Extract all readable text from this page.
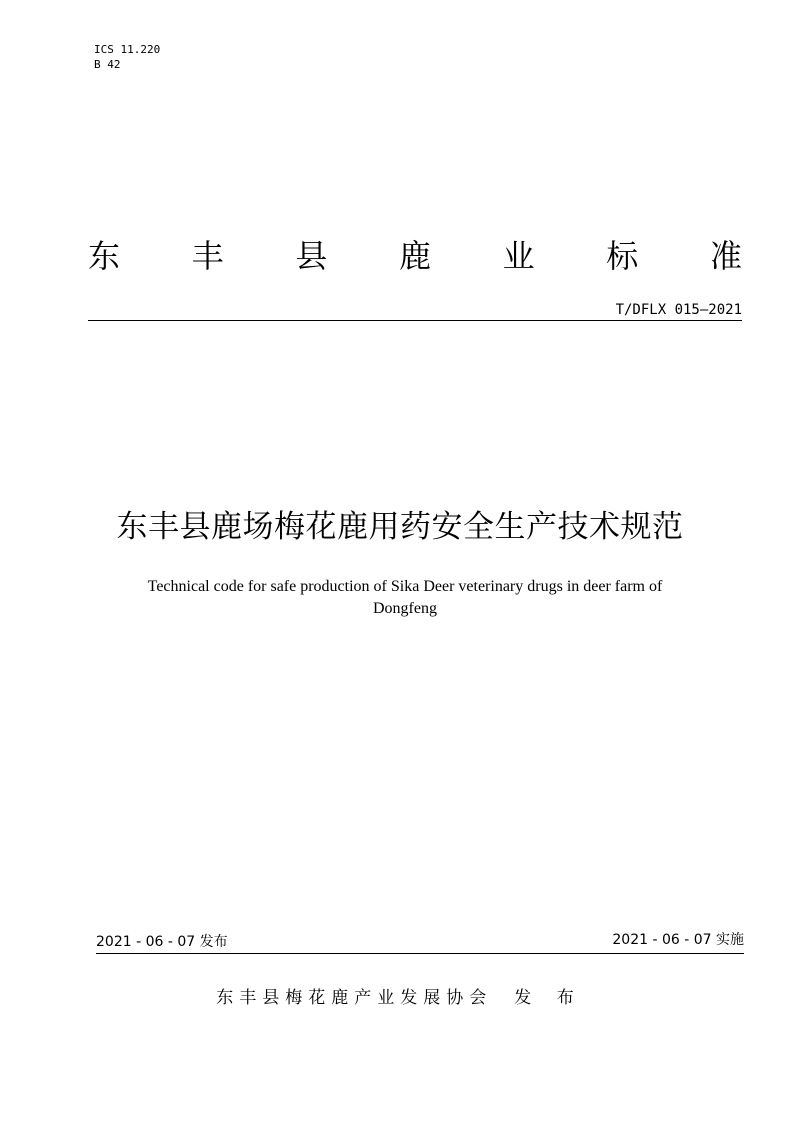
ICS 11.220
B 42
东 丰 县 鹿 业 标 准
T/DFLX 015—2021
东丰县鹿场梅花鹿用药安全生产技术规范
Technical code for safe production of Sika Deer veterinary drugs in deer farm of
Dongfeng
2021 - 06 - 07 发布	2021 - 06 - 07 实施
东丰县梅花鹿产业发展协会 发 布
